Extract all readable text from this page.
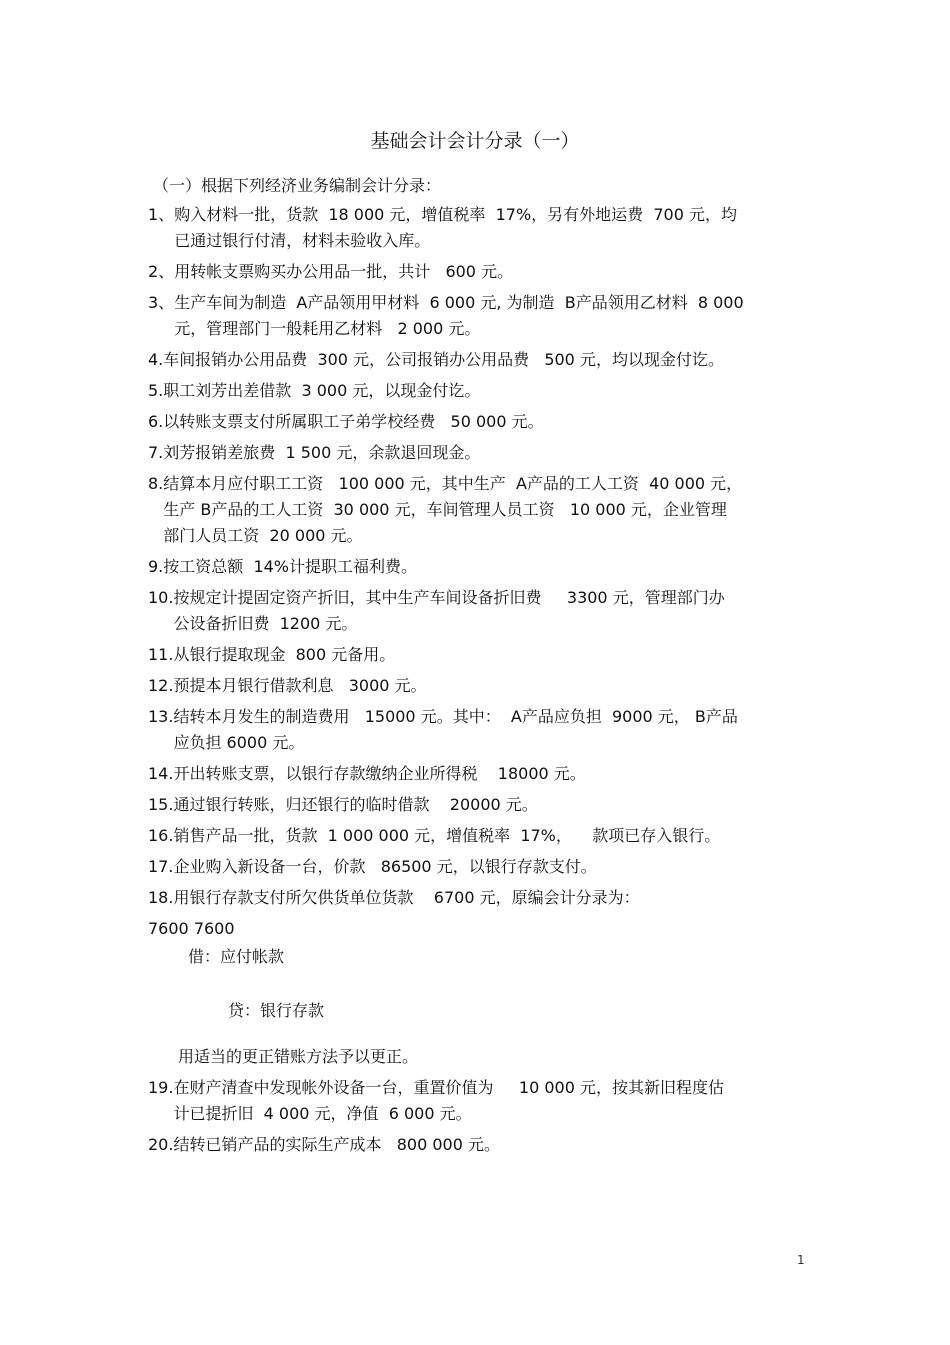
基础会计会计分录（一）
（一）根据下列经济业务编制会计分录：
1、 购入材料一批，货款  18 000 元，增值税率  17%，另有外地运费  700 元，均
已通过银行付清，材料未验收入库。
2、 用转帐支票购买办公用品一批，共计   600 元。
3、 生产车间为制造  A产品领用甲材料  6 000 元, 为制造  B产品领用乙材料  8 000
元，管理部门一般耗用乙材料   2 000 元。
4. 车间报销办公用品费  300 元，公司报销办公用品费   500 元，均以现金付讫。
5. 职工刘芳出差借款  3 000 元，以现金付讫。
6. 以转账支票支付所属职工子弟学校经费   50 000 元。
7. 刘芳报销差旅费  1 500 元，余款退回现金。
8. 结算本月应付职工工资   100 000 元，其中生产  A产品的工人工资  40 000 元，
生产 B产品的工人工资  30 000 元，车间管理人员工资   10 000 元，企业管理
部门人员工资  20 000 元。
9. 按工资总额  14%计提职工福利费。
10. 按规定计提固定资产折旧，其中生产车间设备折旧费     3300 元，管理部门办
公设备折旧费  1200 元。
11. 从银行提取现金  800 元备用。
12. 预提本月银行借款利息   3000 元。
13. 结转本月发生的制造费用   15000 元。其中：  A产品应负担  9000 元， B产品
应负担 6000 元。
14. 开出转账支票，以银行存款缴纳企业所得税    18000 元。
15. 通过银行转账，归还银行的临时借款    20000 元。
16. 销售产品一批，货款  1 000 000 元，增值税率  17%，    款项已存入银行。
17. 企业购入新设备一台，价款   86500 元，以银行存款支付。
18. 用银行存款支付所欠供货单位货款    6700 元，原编会计分录为：
借：应付帐款
7600
贷：银行存款
7600
用适当的更正错账方法予以更正。
19. 在财产清查中发现帐外设备一台，重置价值为     10 000 元，按其新旧程度估
计已提折旧  4 000 元，净值  6 000 元。
20. 结转已销产品的实际生产成本   800 000 元。
1
